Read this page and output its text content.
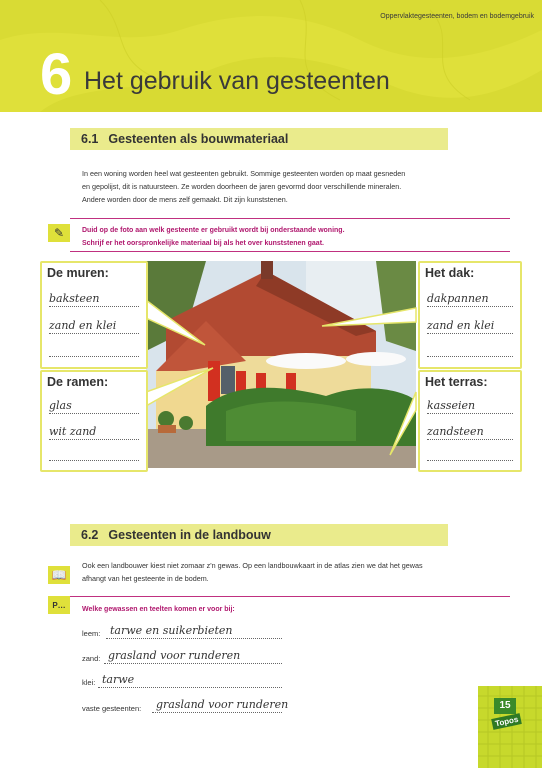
Oppervlaktegesteenten, bodem en bodemgebruik
6 Het gebruik van gesteenten
6.1 Gesteenten als bouwmateriaal
In een woning worden heel wat gesteenten gebruikt. Sommige gesteenten worden op maat gesneden
en gepolijst, dit is natuursteen. Ze worden doorheen de jaren gevormd door verschillende mineralen.
Andere worden door de mens zelf gemaakt. Dit zijn kunststenen.
✎	Duid op de foto aan welk gesteente er gebruikt wordt bij onderstaande woning.
Schrijf er het oorspronkelijke materiaal bij als het over kunststenen gaat.
De muren:
baksteen
zand en klei
De ramen:
glas
wit zand
Het dak:
dakpannen
zand en klei
Het terras:
kasseien
zandsteen
6.2 Gesteenten in de landbouw
📖
Ook een landbouwer kiest niet zomaar z'n gewas. Op een landbouwkaart in de atlas zien we dat het gewas
afhangt van het gesteente in de bodem.
P…	Welke gewassen en teelten komen er voor bij:
leem: tarwe en suikerbieten
zand: grasland voor runderen
klei: tarwe
vaste gesteenten: grasland voor runderen	15
Topos
